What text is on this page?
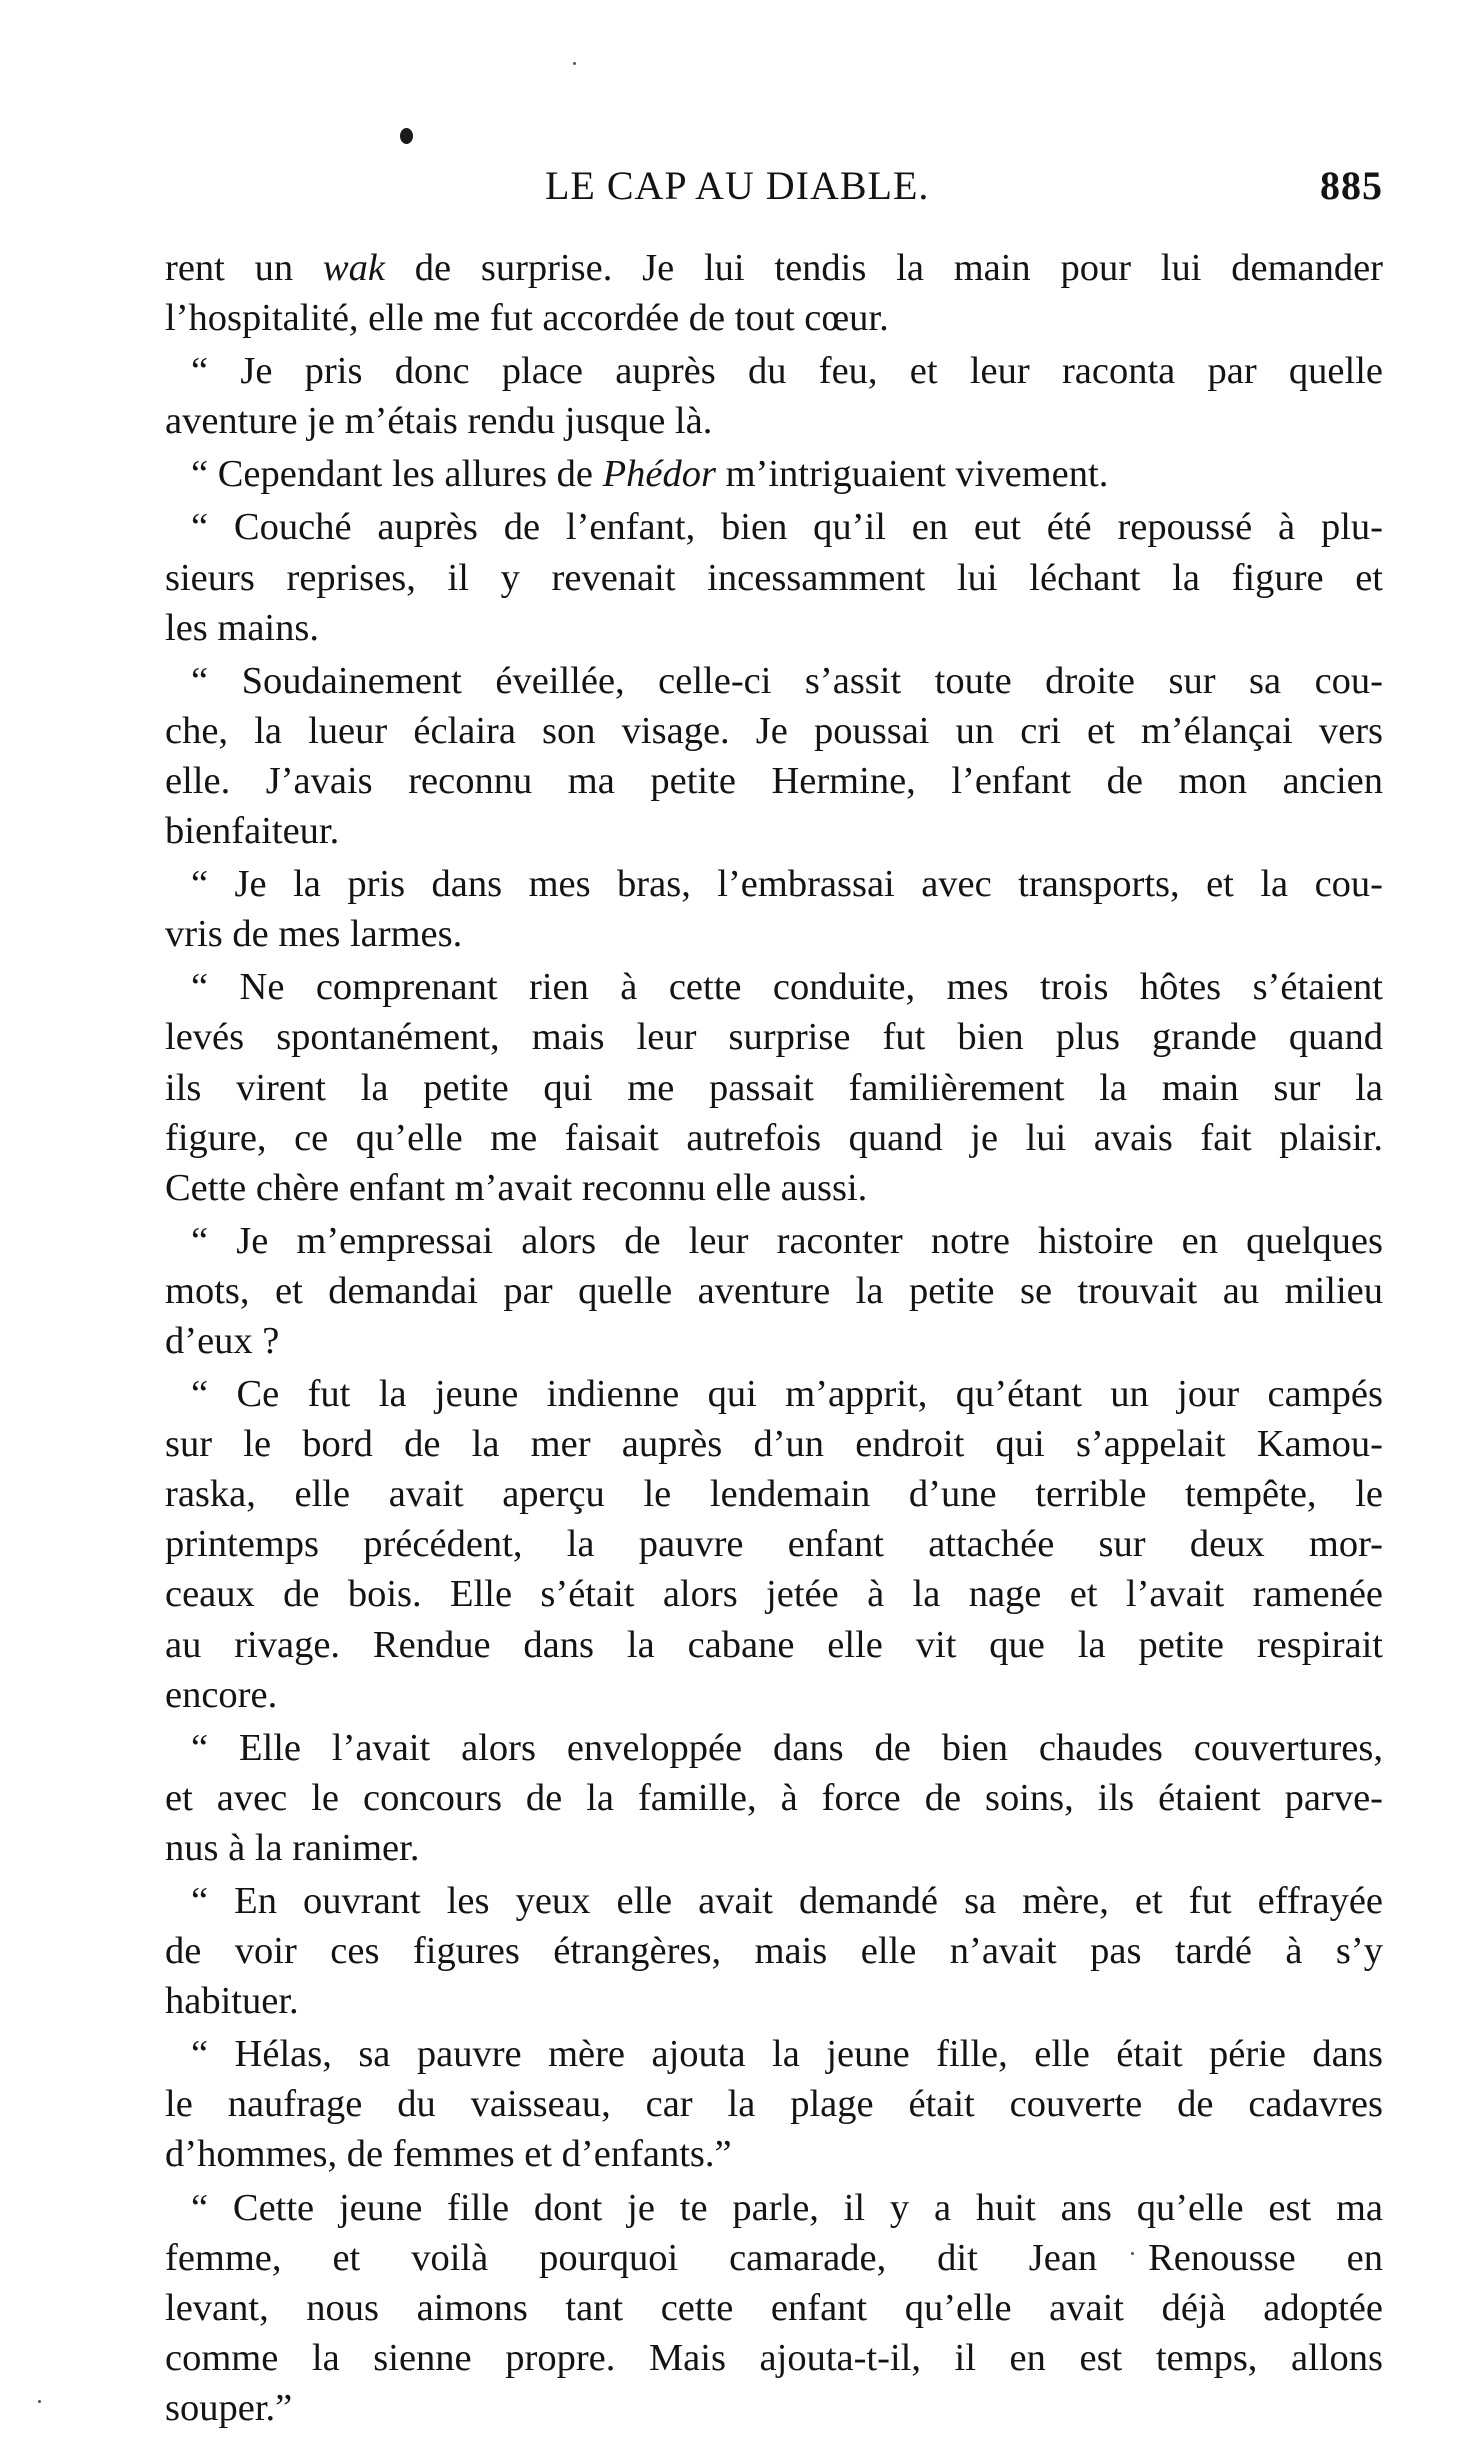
LE CAP AU DIABLE.	885
rent un wak de surprise. Je lui tendis la main pour lui demander
l’hospitalité, elle me fut accordée de tout cœur.
“ Je pris donc place auprès du feu, et leur raconta par quelle
aventure je m’étais rendu jusque là.
“ Cependant les allures de Phédor m’intriguaient vivement.
“ Couché auprès de l’enfant, bien qu’il en eut été repoussé à plu-
sieurs reprises, il y revenait incessamment lui léchant la figure et
les mains.
“ Soudainement éveillée, celle-ci s’assit toute droite sur sa cou-
che, la lueur éclaira son visage. Je poussai un cri et m’élançai vers
elle. J’avais reconnu ma petite Hermine, l’enfant de mon ancien
bienfaiteur.
“ Je la pris dans mes bras, l’embrassai avec transports, et la cou-
vris de mes larmes.
“ Ne comprenant rien à cette conduite, mes trois hôtes s’étaient
levés spontanément, mais leur surprise fut bien plus grande quand
ils virent la petite qui me passait familièrement la main sur la
figure, ce qu’elle me faisait autrefois quand je lui avais fait plaisir.
Cette chère enfant m’avait reconnu elle aussi.
“ Je m’empressai alors de leur raconter notre histoire en quelques
mots, et demandai par quelle aventure la petite se trouvait au milieu
d’eux ?
“ Ce fut la jeune indienne qui m’apprit, qu’étant un jour campés
sur le bord de la mer auprès d’un endroit qui s’appelait Kamou-
raska, elle avait aperçu le lendemain d’une terrible tempête, le
printemps précédent, la pauvre enfant attachée sur deux mor-
ceaux de bois. Elle s’était alors jetée à la nage et l’avait ramenée
au rivage. Rendue dans la cabane elle vit que la petite respirait
encore.
“ Elle l’avait alors enveloppée dans de bien chaudes couvertures,
et avec le concours de la famille, à force de soins, ils étaient parve-
nus à la ranimer.
“ En ouvrant les yeux elle avait demandé sa mère, et fut effrayée
de voir ces figures étrangères, mais elle n’avait pas tardé à s’y
habituer.
“ Hélas, sa pauvre mère ajouta la jeune fille, elle était périe dans
le naufrage du vaisseau, car la plage était couverte de cadavres
d’hommes, de femmes et d’enfants.”
“ Cette jeune fille dont je te parle, il y a huit ans qu’elle est ma
femme, et voilà pourquoi camarade, dit Jean Renousse en
levant, nous aimons tant cette enfant qu’elle avait déjà adoptée
comme la sienne propre. Mais ajouta-t-il, il en est temps, allons
souper.”
